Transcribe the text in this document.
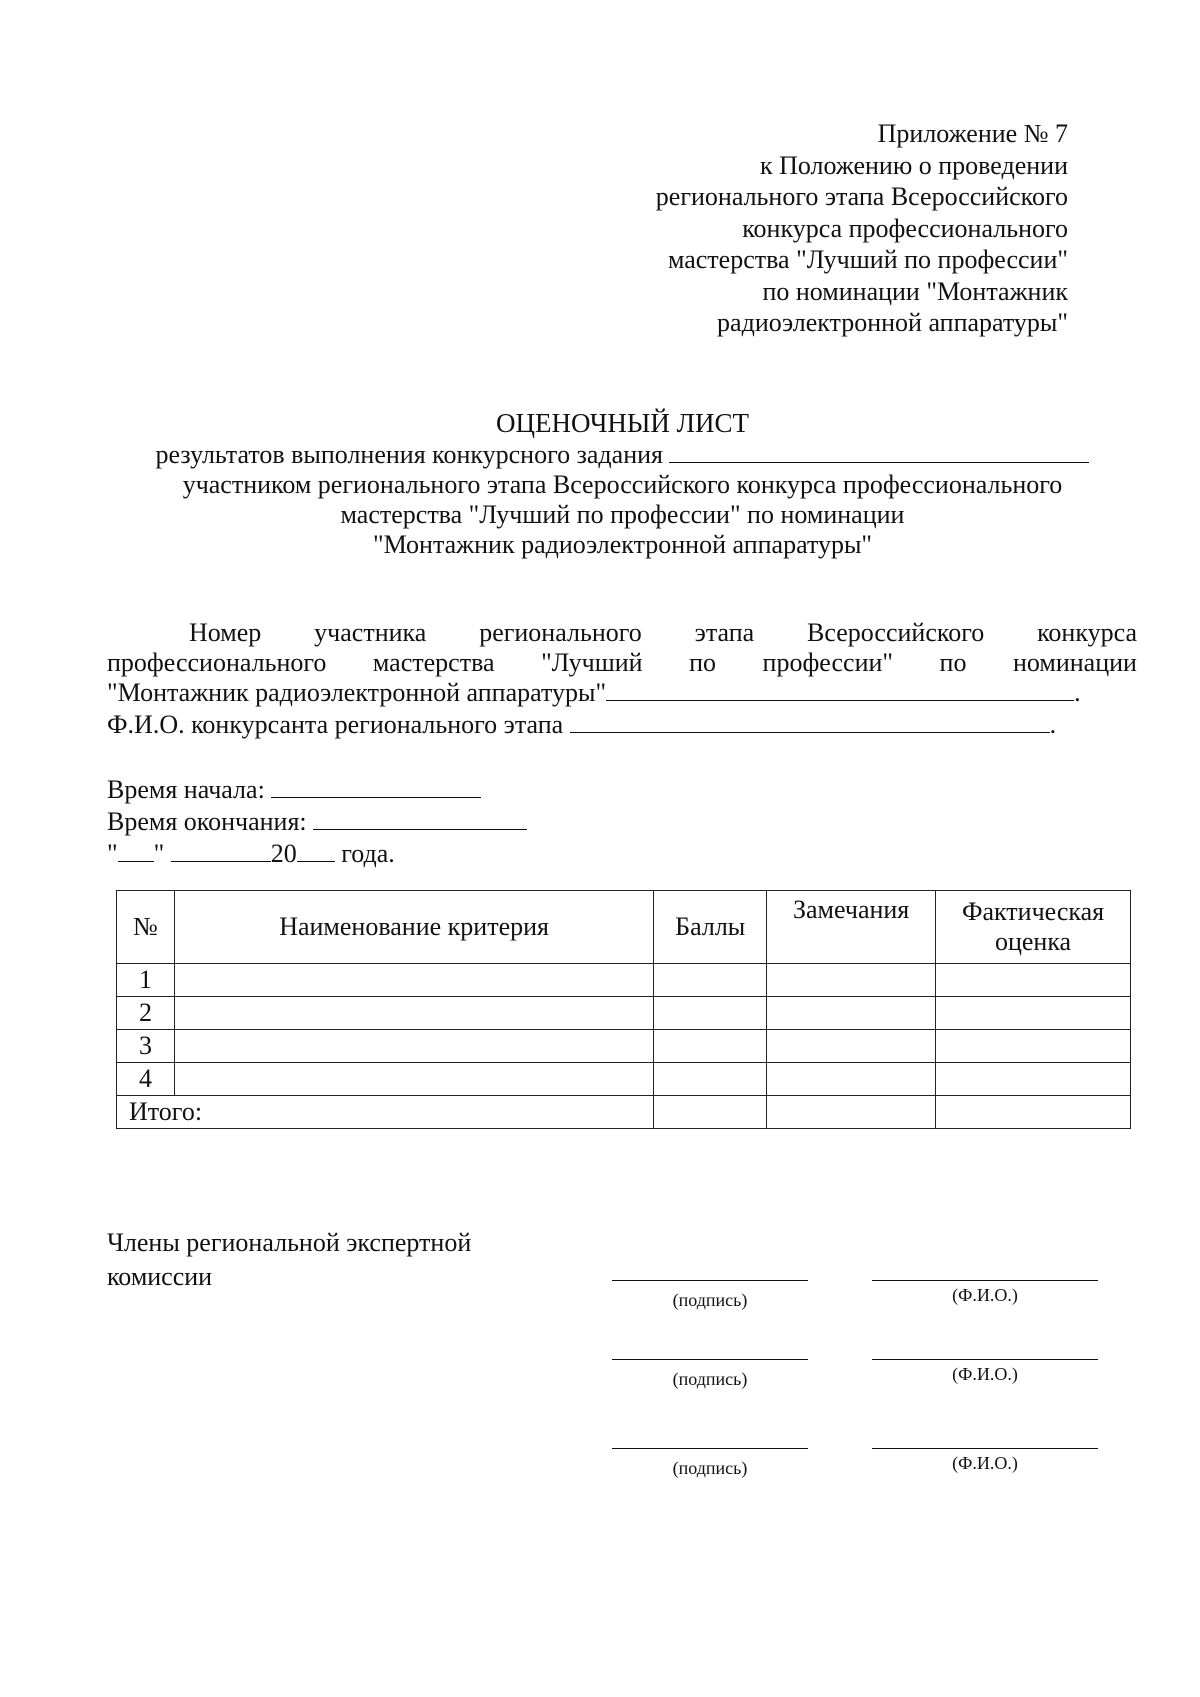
Приложение № 7
к Положению о проведении
регионального этапа Всероссийского
конкурса профессионального
мастерства "Лучший по профессии"
по номинации "Монтажник
радиоэлектронной аппаратуры"
ОЦЕНОЧНЫЙ ЛИСТ
результатов выполнения конкурсного задания
участником регионального этапа Всероссийского конкурса профессионального
мастерства "Лучший по профессии" по номинации
"Монтажник радиоэлектронной аппаратуры"
Номер участника регионального этапа Всероссийского конкурса
профессионального мастерства "Лучший по профессии" по номинации
"Монтажник радиоэлектронной аппаратуры"	.
Ф.И.О. конкурсанта регионального этапа	.
Время начала:
Время окончания:
" "	20 года.
№	Наименование критерия	Баллы	Замечания	Фактическая
оценка

1				
2				
3				
4				
Итого:				
Члены региональной экспертной
комиссии
(подпись)	(Ф.И.О.)
(подпись)	(Ф.И.О.)
(подпись)	(Ф.И.О.)
